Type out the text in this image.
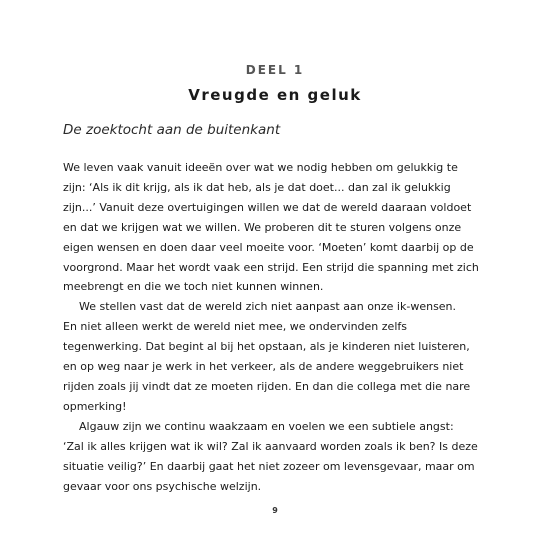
DEEL 1
Vreugde en geluk
De zoektocht aan de buitenkant
We leven vaak vanuit ideeën over wat we nodig hebben om gelukkig te
zijn: ‘Als ik dit krijg, als ik dat heb, als je dat doet... dan zal ik gelukkig
zijn...’ Vanuit deze overtuigingen willen we dat de wereld daaraan voldoet
en dat we krijgen wat we willen. We proberen dit te sturen volgens onze
eigen wensen en doen daar veel moeite voor. ‘Moeten’ komt daarbij op de
voorgrond. Maar het wordt vaak een strijd. Een strijd die spanning met zich
meebrengt en die we toch niet kunnen winnen.
We stellen vast dat de wereld zich niet aanpast aan onze ik-wensen.
En niet alleen werkt de wereld niet mee, we ondervinden zelfs
tegenwerking. Dat begint al bij het opstaan, als je kinderen niet luisteren,
en op weg naar je werk in het verkeer, als de andere weggebruikers niet
rijden zoals jij vindt dat ze moeten rijden. En dan die collega met die nare
opmerking!
Algauw zijn we continu waakzaam en voelen we een subtiele angst:
‘Zal ik alles krijgen wat ik wil? Zal ik aanvaard worden zoals ik ben? Is deze
situatie veilig?’ En daarbij gaat het niet zozeer om levensgevaar, maar om
gevaar voor ons psychische welzijn.
9
